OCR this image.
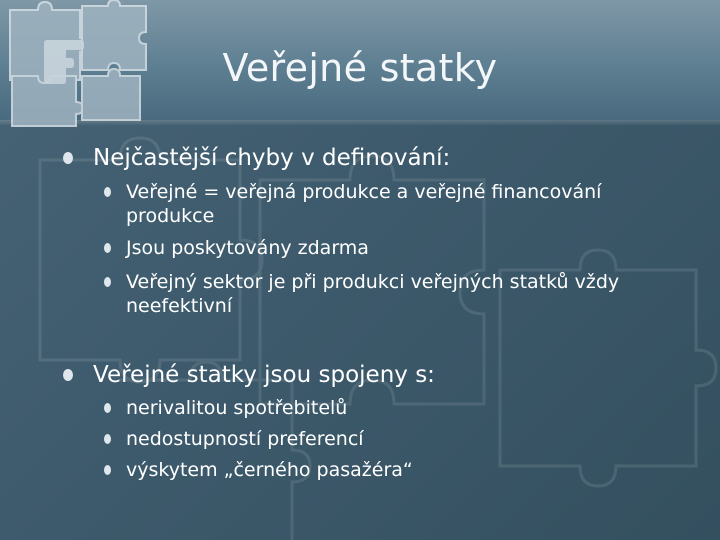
Veřejné statky
Nejčastější chyby v definování:
Veřejné = veřejná produkce a veřejné financování produkce
Jsou poskytovány zdarma
Veřejný sektor je při produkci veřejných statků vždy neefektivní
Veřejné statky jsou spojeny s:
nerivalitou spotřebitelů
nedostupností preferencí
výskytem „černého pasažéra“
